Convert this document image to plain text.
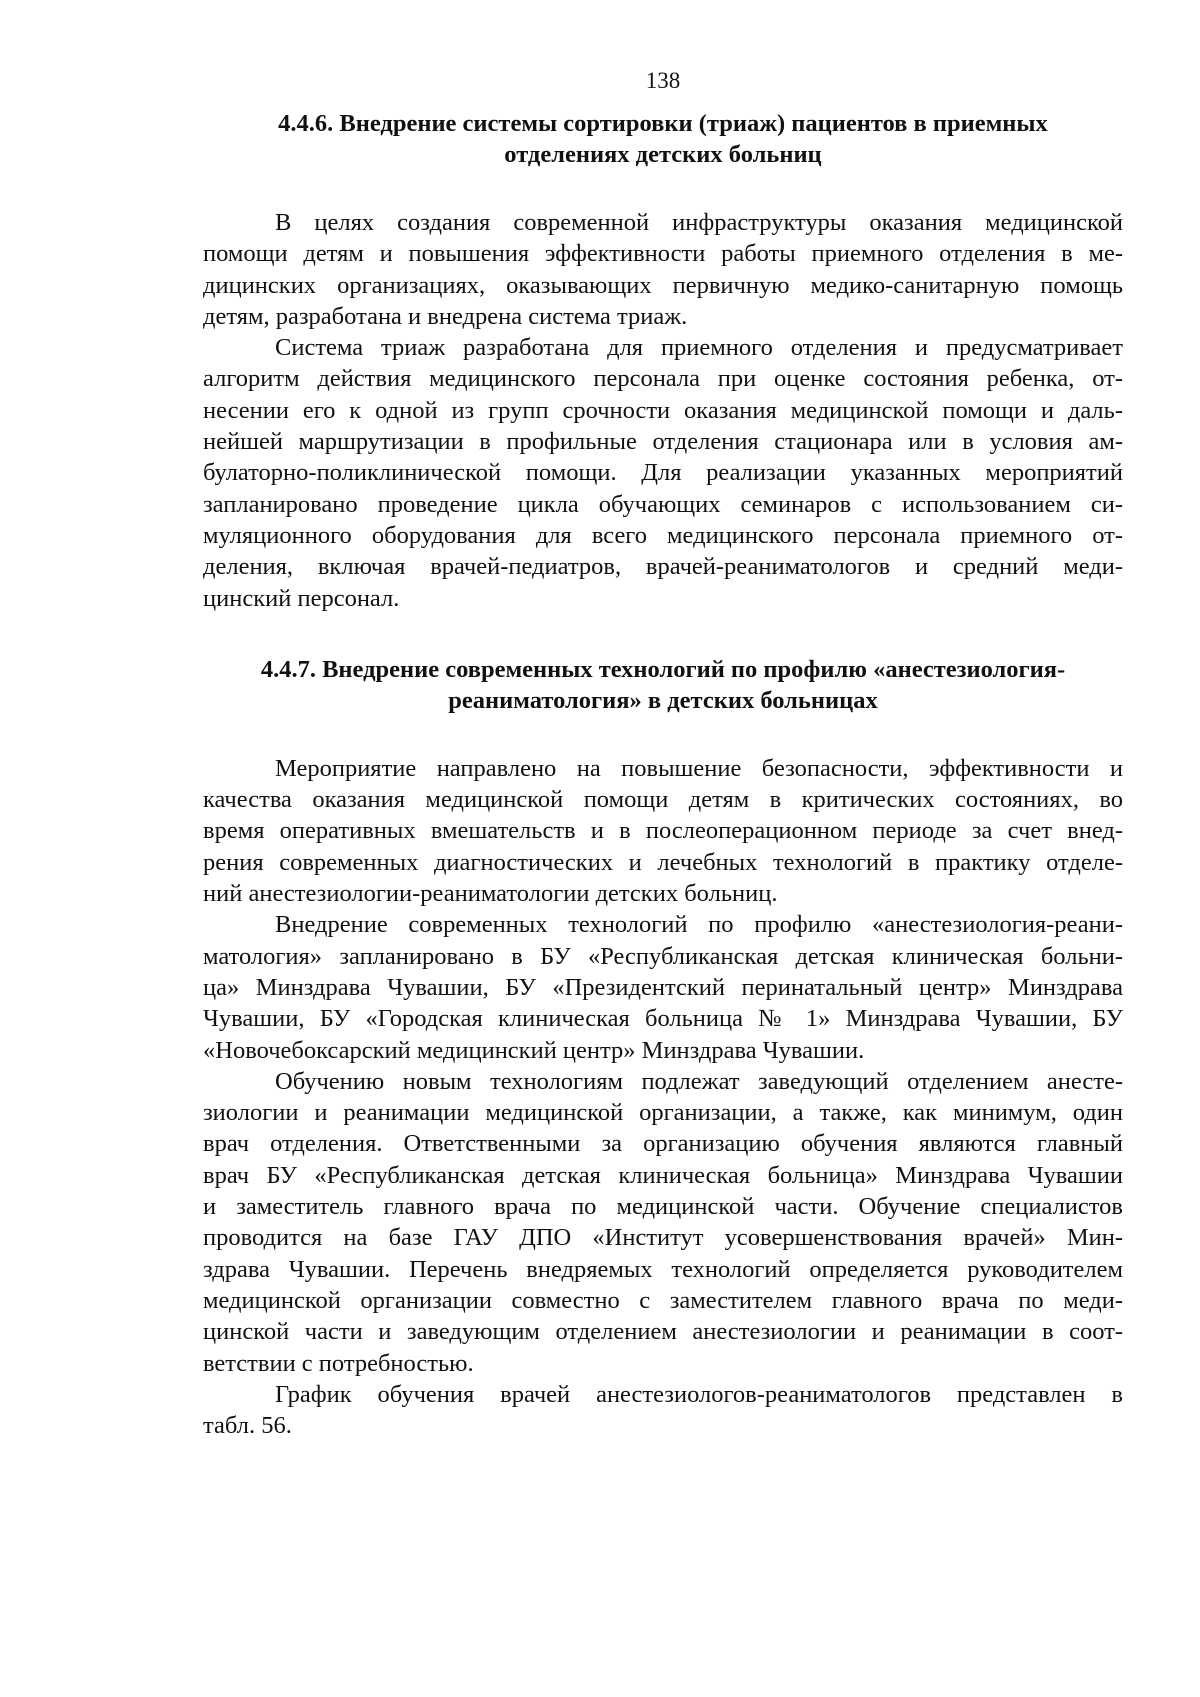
138
4.4.6. Внедрение системы сортировки (триаж) пациентов в приемных
отделениях детских больниц

В целях создания современной инфраструктуры оказания медицинской
помощи детям и повышения эффективности работы приемного отделения в ме-
дицинских организациях, оказывающих первичную медико-санитарную помощь
детям, разработана и внедрена система триаж.

Система триаж разработана для приемного отделения и предусматривает
алгоритм действия медицинского персонала при оценке состояния ребенка, от-
несении его к одной из групп срочности оказания медицинской помощи и даль-
нейшей маршрутизации в профильные отделения стационара или в условия ам-
булаторно-поликлинической помощи. Для реализации указанных мероприятий
запланировано проведение цикла обучающих семинаров с использованием си-
муляционного оборудования для всего медицинского персонала приемного от-
деления, включая врачей-педиатров, врачей-реаниматологов и средний меди-
цинский персонал.

4.4.7. Внедрение современных технологий по профилю «анестезиология-
реаниматология» в детских больницах

Мероприятие направлено на повышение безопасности, эффективности и
качества оказания медицинской помощи детям в критических состояниях, во
время оперативных вмешательств и в послеоперационном периоде за счет внед-
рения современных диагностических и лечебных технологий в практику отделе-
ний анестезиологии-реаниматологии детских больниц.

Внедрение современных технологий по профилю «анестезиология-реани-
матология» запланировано в БУ «Республиканская детская клиническая больни-
ца» Минздрава Чувашии, БУ «Президентский перинатальный центр» Минздрава
Чувашии, БУ «Городская клиническая больница № 1» Минздрава Чувашии, БУ
«Новочебоксарский медицинский центр» Минздрава Чувашии.

Обучению новым технологиям подлежат заведующий отделением анесте-
зиологии и реанимации медицинской организации, а также, как минимум, один
врач отделения. Ответственными за организацию обучения являются главный
врач БУ «Республиканская детская клиническая больница» Минздрава Чувашии
и заместитель главного врача по медицинской части. Обучение специалистов
проводится на базе ГАУ ДПО «Институт усовершенствования врачей» Мин-
здрава Чувашии. Перечень внедряемых технологий определяется руководителем
медицинской организации совместно с заместителем главного врача по меди-
цинской части и заведующим отделением анестезиологии и реанимации в соот-
ветствии с потребностью.

График обучения врачей анестезиологов-реаниматологов представлен в
табл. 56.
